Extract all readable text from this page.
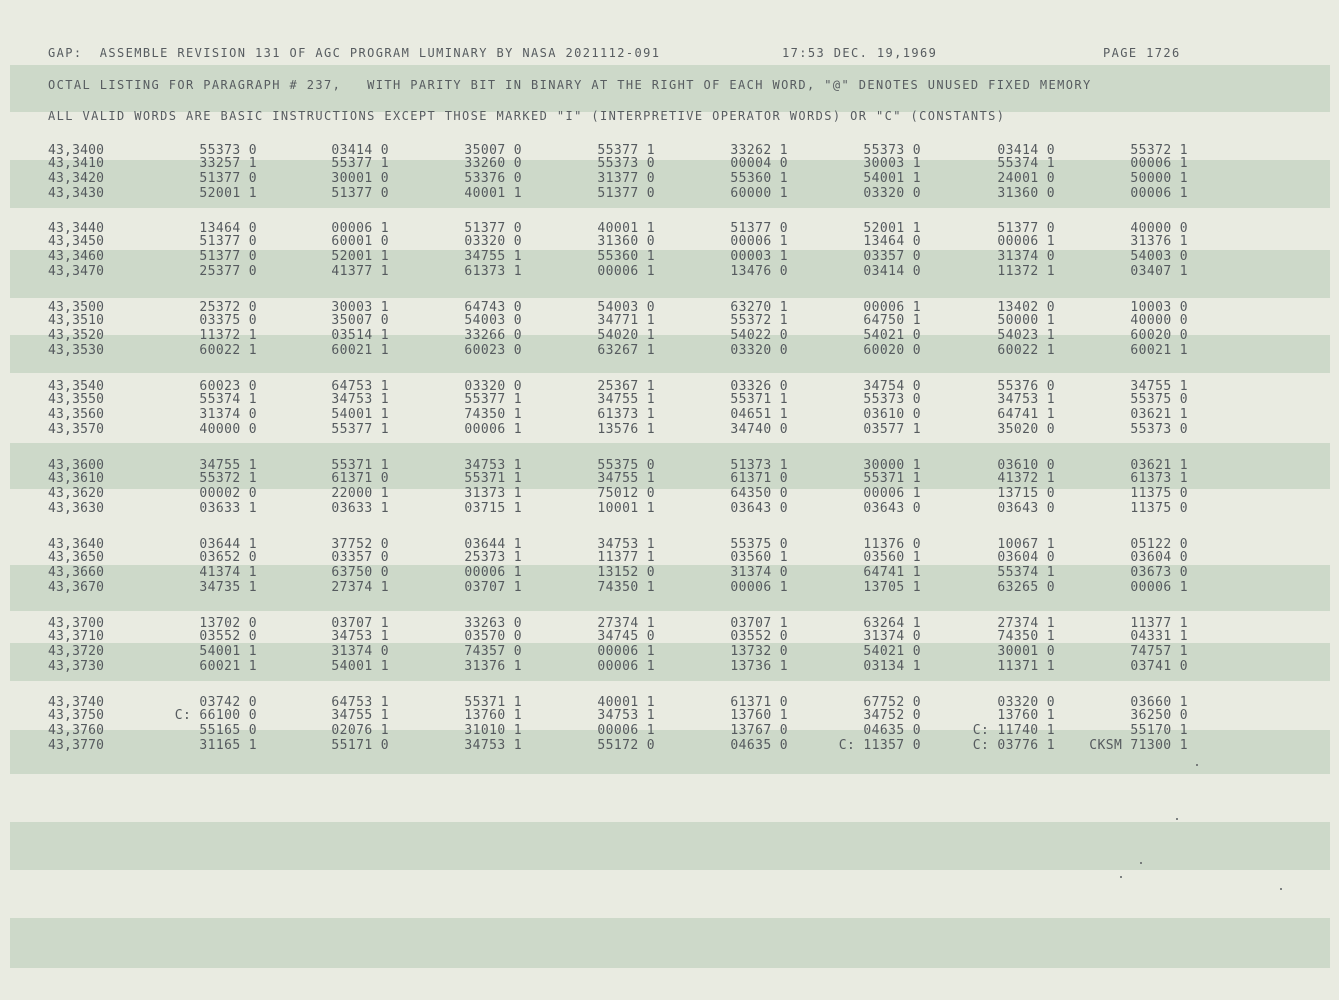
GAP:  ASSEMBLE REVISION 131 OF AGC PROGRAM LUMINARY BY NASA 2021112-091	17:53 DEC. 19,1969	PAGE 1726
OCTAL LISTING FOR PARAGRAPH # 237,   WITH PARITY BIT IN BINARY AT THE RIGHT OF EACH WORD, "@" DENOTES UNUSED FIXED MEMORY
ALL VALID WORDS ARE BASIC INSTRUCTIONS EXCEPT THOSE MARKED "I" (INTERPRETIVE OPERATOR WORDS) OR "C" (CONSTANTS)
43,3400	55373 0	03414 0	35007 0	55377 1	33262 1	55373 0	03414 0	55372 1
43,3410	33257 1	55377 1	33260 0	55373 0	00004 0	30003 1	55374 1	00006 1
43,3420	51377 0	30001 0	53376 0	31377 0	55360 1	54001 1	24001 0	50000 1
43,3430	52001 1	51377 0	40001 1	51377 0	60000 1	03320 0	31360 0	00006 1
43,3440	13464 0	00006 1	51377 0	40001 1	51377 0	52001 1	51377 0	40000 0
43,3450	51377 0	60001 0	03320 0	31360 0	00006 1	13464 0	00006 1	31376 1
43,3460	51377 0	52001 1	34755 1	55360 1	00003 1	03357 0	31374 0	54003 0
43,3470	25377 0	41377 1	61373 1	00006 1	13476 0	03414 0	11372 1	03407 1
43,3500	25372 0	30003 1	64743 0	54003 0	63270 1	00006 1	13402 0	10003 0
43,3510	03375 0	35007 0	54003 0	34771 1	55372 1	64750 1	50000 1	40000 0
43,3520	11372 1	03514 1	33266 0	54020 1	54022 0	54021 0	54023 1	60020 0
43,3530	60022 1	60021 1	60023 0	63267 1	03320 0	60020 0	60022 1	60021 1
43,3540	60023 0	64753 1	03320 0	25367 1	03326 0	34754 0	55376 0	34755 1
43,3550	55374 1	34753 1	55377 1	34755 1	55371 1	55373 0	34753 1	55375 0
43,3560	31374 0	54001 1	74350 1	61373 1	04651 1	03610 0	64741 1	03621 1
43,3570	40000 0	55377 1	00006 1	13576 1	34740 0	03577 1	35020 0	55373 0
43,3600	34755 1	55371 1	34753 1	55375 0	51373 1	30000 1	03610 0	03621 1
43,3610	55372 1	61371 0	55371 1	34755 1	61371 0	55371 1	41372 1	61373 1
43,3620	00002 0	22000 1	31373 1	75012 0	64350 0	00006 1	13715 0	11375 0
43,3630	03633 1	03633 1	03715 1	10001 1	03643 0	03643 0	03643 0	11375 0
43,3640	03644 1	37752 0	03644 1	34753 1	55375 0	11376 0	10067 1	05122 0
43,3650	03652 0	03357 0	25373 1	11377 1	03560 1	03560 1	03604 0	03604 0
43,3660	41374 1	63750 0	00006 1	13152 0	31374 0	64741 1	55374 1	03673 0
43,3670	34735 1	27374 1	03707 1	74350 1	00006 1	13705 1	63265 0	00006 1
43,3700	13702 0	03707 1	33263 0	27374 1	03707 1	63264 1	27374 1	11377 1
43,3710	03552 0	34753 1	03570 0	34745 0	03552 0	31374 0	74350 1	04331 1
43,3720	54001 1	31374 0	74357 0	00006 1	13732 0	54021 0	30001 0	74757 1
43,3730	60021 1	54001 1	31376 1	00006 1	13736 1	03134 1	11371 1	03741 0
43,3740	03742 0	64753 1	55371 1	40001 1	61371 0	67752 0	03320 0	03660 1
43,3750	C: 66100 0	34755 1	13760 1	34753 1	13760 1	34752 0	13760 1	36250 0
43,3760	55165 0	02076 1	31010 1	00006 1	13767 0	04635 0	C: 11740 1	55170 1
43,3770	31165 1	55171 0	34753 1	55172 0	04635 0	C: 11357 0	C: 03776 1	CKSM 71300 1
